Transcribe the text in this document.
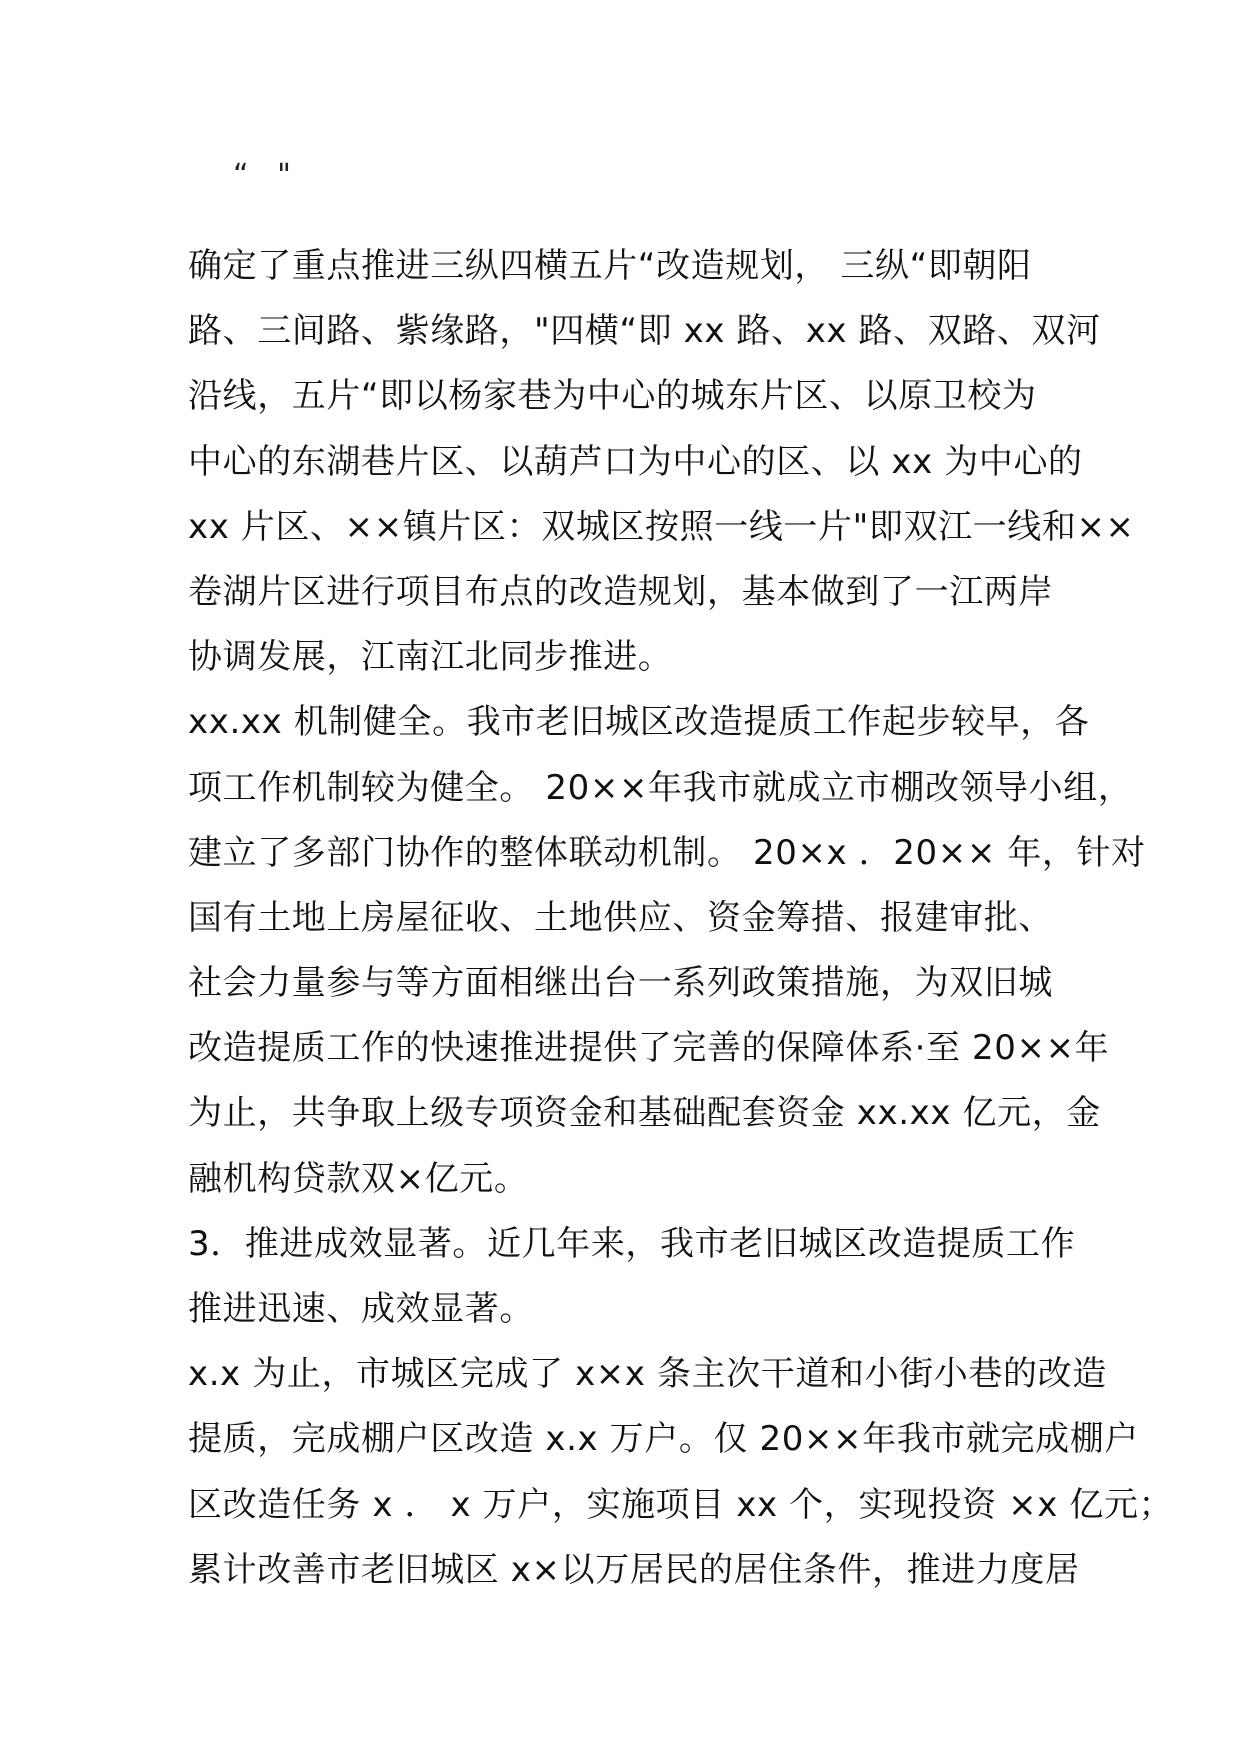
“   "
确定了重点推进三纵四横五片“改造规划， 三纵“即朝阳
路、三间路、紫缘路，"四横“即 xx 路、xx 路、双路、双河
沿线，五片“即以杨家巷为中心的城东片区、以原卫校为
中心的东湖巷片区、以葫芦口为中心的区、以 xx 为中心的
xx 片区、××镇片区：双城区按照一线一片"即双江一线和××
卷湖片区进行项目布点的改造规划，基本做到了一江两岸
协调发展，江南江北同步推进。
xx.xx 机制健全。我市老旧城区改造提质工作起步较早，各
项工作机制较为健全。 20××年我市就成立市棚改领导小组，
建立了多部门协作的整体联动机制。 20×x ．20×× 年，针对
国有土地上房屋征收、土地供应、资金筹措、报建审批、
社会力量参与等方面相继出台一系列政策措施，为双旧城
改造提质工作的快速推进提供了完善的保障体系·至 20××年
为止，共争取上级专项资金和基础配套资金 xx.xx 亿元，金
融机构贷款双×亿元。
3．推进成效显著。近几年来，我市老旧城区改造提质工作
推进迅速、成效显著。
x.x 为止，市城区完成了 x×x 条主次干道和小街小巷的改造
提质，完成棚户区改造 x.x 万户。仅 20××年我市就完成棚户
区改造任务 x ． x 万户，实施项目 xx 个，实现投资 ×x 亿元；
累计改善市老旧城区 x×以万居民的居住条件，推进力度居
